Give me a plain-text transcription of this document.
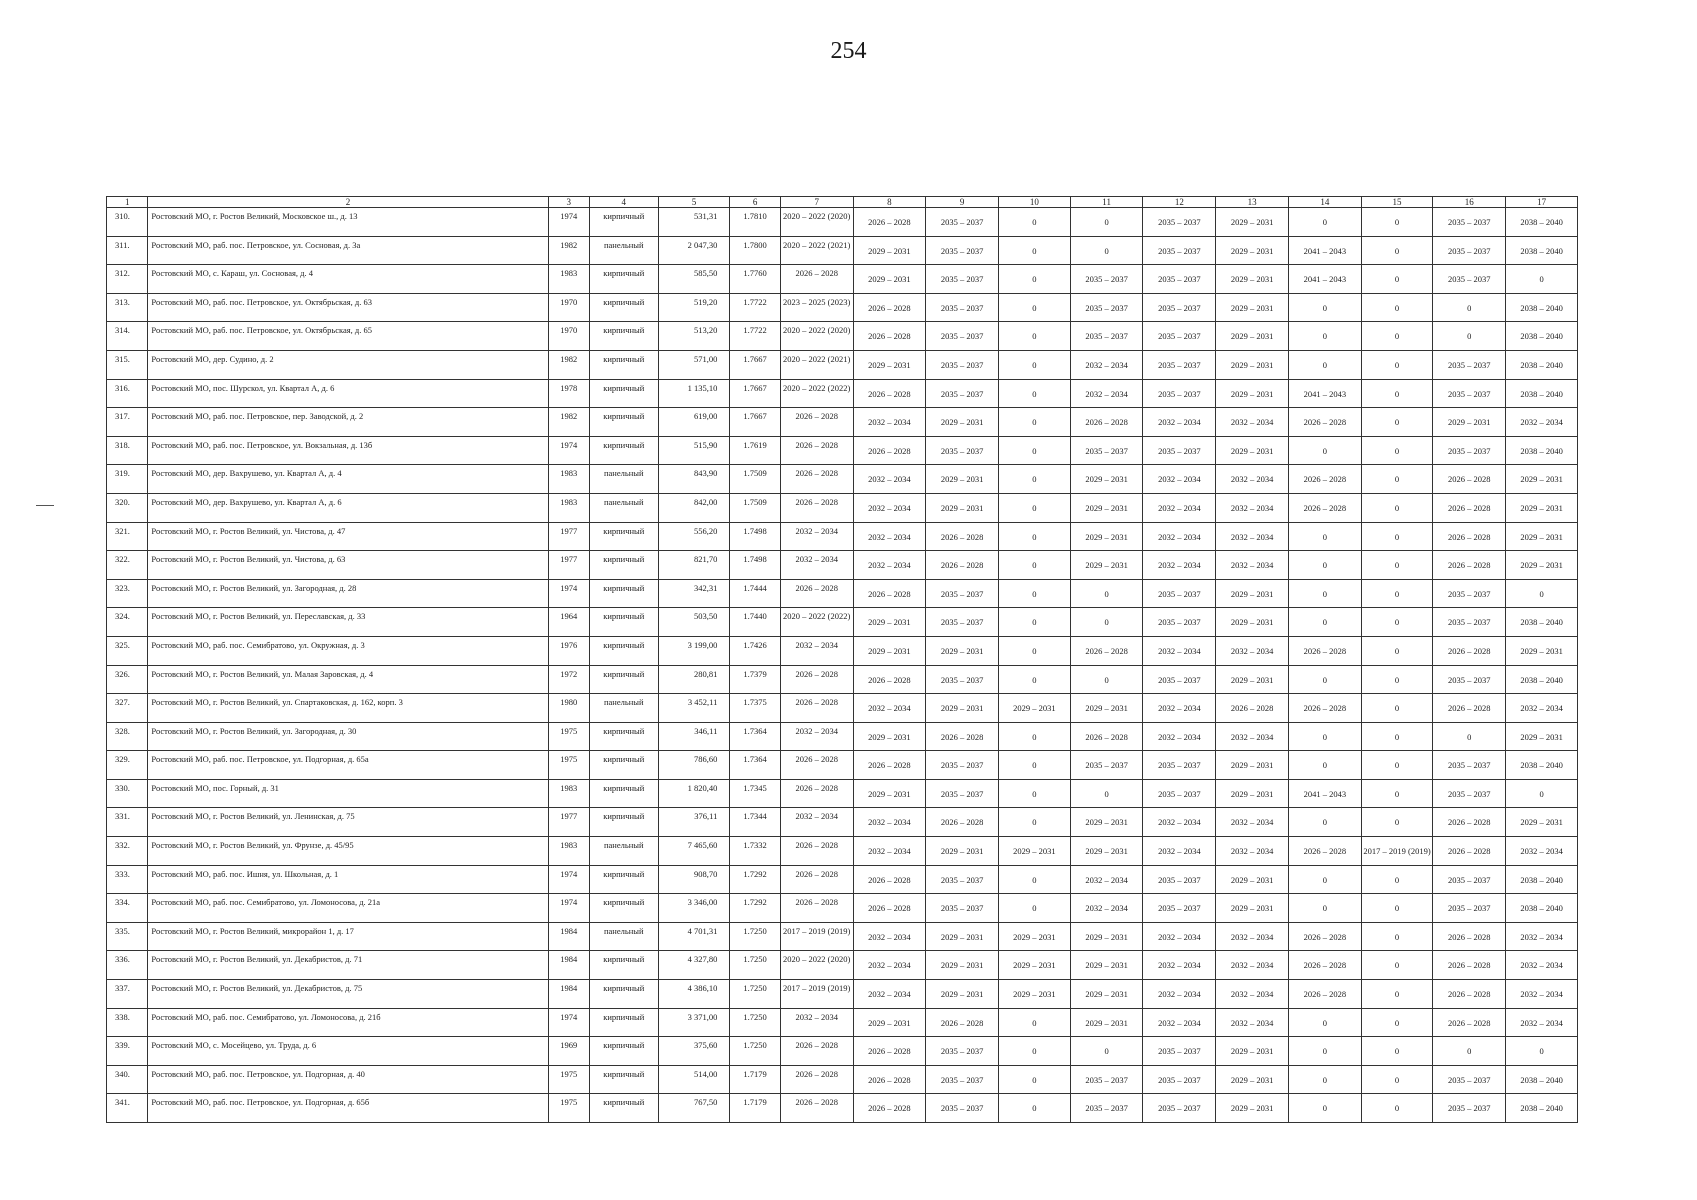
254
1	2	3	4	5	6	7	8	9	10	11	12	13	14	15	16	17
310.	Ростовский МО, г. Ростов Великий, Московское ш., д. 13	1974	кирпичный	531,31	1.7810	2020 – 2022 (2020)	2026 – 2028	2035 – 2037	0	0	2035 – 2037	2029 – 2031	0	0	2035 – 2037	2038 – 2040
311.	Ростовский МО, раб. пос. Петровское, ул. Сосновая, д. 3а	1982	панельный	2 047,30	1.7800	2020 – 2022 (2021)	2029 – 2031	2035 – 2037	0	0	2035 – 2037	2029 – 2031	2041 – 2043	0	2035 – 2037	2038 – 2040
312.	Ростовский МО, с. Караш, ул. Сосновая, д. 4	1983	кирпичный	585,50	1.7760	2026 – 2028	2029 – 2031	2035 – 2037	0	2035 – 2037	2035 – 2037	2029 – 2031	2041 – 2043	0	2035 – 2037	0
313.	Ростовский МО, раб. пос. Петровское, ул. Октябрьская, д. 63	1970	кирпичный	519,20	1.7722	2023 – 2025 (2023)	2026 – 2028	2035 – 2037	0	2035 – 2037	2035 – 2037	2029 – 2031	0	0	0	2038 – 2040
314.	Ростовский МО, раб. пос. Петровское, ул. Октябрьская, д. 65	1970	кирпичный	513,20	1.7722	2020 – 2022 (2020)	2026 – 2028	2035 – 2037	0	2035 – 2037	2035 – 2037	2029 – 2031	0	0	0	2038 – 2040
315.	Ростовский МО, дер. Судино, д. 2	1982	кирпичный	571,00	1.7667	2020 – 2022 (2021)	2029 – 2031	2035 – 2037	0	2032 – 2034	2035 – 2037	2029 – 2031	0	0	2035 – 2037	2038 – 2040
316.	Ростовский МО, пос. Шурскол, ул. Квартал А, д. 6	1978	кирпичный	1 135,10	1.7667	2020 – 2022 (2022)	2026 – 2028	2035 – 2037	0	2032 – 2034	2035 – 2037	2029 – 2031	2041 – 2043	0	2035 – 2037	2038 – 2040
317.	Ростовский МО, раб. пос. Петровское, пер. Заводской, д. 2	1982	кирпичный	619,00	1.7667	2026 – 2028	2032 – 2034	2029 – 2031	0	2026 – 2028	2032 – 2034	2032 – 2034	2026 – 2028	0	2029 – 2031	2032 – 2034
318.	Ростовский МО, раб. пос. Петровское, ул. Вокзальная, д. 13б	1974	кирпичный	515,90	1.7619	2026 – 2028	2026 – 2028	2035 – 2037	0	2035 – 2037	2035 – 2037	2029 – 2031	0	0	2035 – 2037	2038 – 2040
319.	Ростовский МО, дер. Вахрушево, ул. Квартал А, д. 4	1983	панельный	843,90	1.7509	2026 – 2028	2032 – 2034	2029 – 2031	0	2029 – 2031	2032 – 2034	2032 – 2034	2026 – 2028	0	2026 – 2028	2029 – 2031
320.	Ростовский МО, дер. Вахрушево, ул. Квартал А, д. 6	1983	панельный	842,00	1.7509	2026 – 2028	2032 – 2034	2029 – 2031	0	2029 – 2031	2032 – 2034	2032 – 2034	2026 – 2028	0	2026 – 2028	2029 – 2031
321.	Ростовский МО, г. Ростов Великий, ул. Чистова, д. 47	1977	кирпичный	556,20	1.7498	2032 – 2034	2032 – 2034	2026 – 2028	0	2029 – 2031	2032 – 2034	2032 – 2034	0	0	2026 – 2028	2029 – 2031
322.	Ростовский МО, г. Ростов Великий, ул. Чистова, д. 63	1977	кирпичный	821,70	1.7498	2032 – 2034	2032 – 2034	2026 – 2028	0	2029 – 2031	2032 – 2034	2032 – 2034	0	0	2026 – 2028	2029 – 2031
323.	Ростовский МО, г. Ростов Великий, ул. Загородная, д. 28	1974	кирпичный	342,31	1.7444	2026 – 2028	2026 – 2028	2035 – 2037	0	0	2035 – 2037	2029 – 2031	0	0	2035 – 2037	0
324.	Ростовский МО, г. Ростов Великий, ул. Переславская, д. 33	1964	кирпичный	503,50	1.7440	2020 – 2022 (2022)	2029 – 2031	2035 – 2037	0	0	2035 – 2037	2029 – 2031	0	0	2035 – 2037	2038 – 2040
325.	Ростовский МО, раб. пос. Семибратово, ул. Окружная, д. 3	1976	кирпичный	3 199,00	1.7426	2032 – 2034	2029 – 2031	2029 – 2031	0	2026 – 2028	2032 – 2034	2032 – 2034	2026 – 2028	0	2026 – 2028	2029 – 2031
326.	Ростовский МО, г. Ростов Великий, ул. Малая Заровская, д. 4	1972	кирпичный	280,81	1.7379	2026 – 2028	2026 – 2028	2035 – 2037	0	0	2035 – 2037	2029 – 2031	0	0	2035 – 2037	2038 – 2040
327.	Ростовский МО, г. Ростов Великий, ул. Спартаковская, д. 162, корп. 3	1980	панельный	3 452,11	1.7375	2026 – 2028	2032 – 2034	2029 – 2031	2029 – 2031	2029 – 2031	2032 – 2034	2026 – 2028	2026 – 2028	0	2026 – 2028	2032 – 2034
328.	Ростовский МО, г. Ростов Великий, ул. Загородная, д. 30	1975	кирпичный	346,11	1.7364	2032 – 2034	2029 – 2031	2026 – 2028	0	2026 – 2028	2032 – 2034	2032 – 2034	0	0	0	2029 – 2031
329.	Ростовский МО, раб. пос. Петровское, ул. Подгорная, д. 65а	1975	кирпичный	786,60	1.7364	2026 – 2028	2026 – 2028	2035 – 2037	0	2035 – 2037	2035 – 2037	2029 – 2031	0	0	2035 – 2037	2038 – 2040
330.	Ростовский МО, пос. Горный, д. 31	1983	кирпичный	1 820,40	1.7345	2026 – 2028	2029 – 2031	2035 – 2037	0	0	2035 – 2037	2029 – 2031	2041 – 2043	0	2035 – 2037	0
331.	Ростовский МО, г. Ростов Великий, ул. Ленинская, д. 75	1977	кирпичный	376,11	1.7344	2032 – 2034	2032 – 2034	2026 – 2028	0	2029 – 2031	2032 – 2034	2032 – 2034	0	0	2026 – 2028	2029 – 2031
332.	Ростовский МО, г. Ростов Великий, ул. Фрунзе, д. 45/95	1983	панельный	7 465,60	1.7332	2026 – 2028	2032 – 2034	2029 – 2031	2029 – 2031	2029 – 2031	2032 – 2034	2032 – 2034	2026 – 2028	2017 – 2019 (2019)	2026 – 2028	2032 – 2034
333.	Ростовский МО, раб. пос. Ишня, ул. Школьная, д. 1	1974	кирпичный	908,70	1.7292	2026 – 2028	2026 – 2028	2035 – 2037	0	2032 – 2034	2035 – 2037	2029 – 2031	0	0	2035 – 2037	2038 – 2040
334.	Ростовский МО, раб. пос. Семибратово, ул. Ломоносова, д. 21а	1974	кирпичный	3 346,00	1.7292	2026 – 2028	2026 – 2028	2035 – 2037	0	2032 – 2034	2035 – 2037	2029 – 2031	0	0	2035 – 2037	2038 – 2040
335.	Ростовский МО, г. Ростов Великий, микрорайон 1, д. 17	1984	панельный	4 701,31	1.7250	2017 – 2019 (2019)	2032 – 2034	2029 – 2031	2029 – 2031	2029 – 2031	2032 – 2034	2032 – 2034	2026 – 2028	0	2026 – 2028	2032 – 2034
336.	Ростовский МО, г. Ростов Великий, ул. Декабристов, д. 71	1984	кирпичный	4 327,80	1.7250	2020 – 2022 (2020)	2032 – 2034	2029 – 2031	2029 – 2031	2029 – 2031	2032 – 2034	2032 – 2034	2026 – 2028	0	2026 – 2028	2032 – 2034
337.	Ростовский МО, г. Ростов Великий, ул. Декабристов, д. 75	1984	кирпичный	4 386,10	1.7250	2017 – 2019 (2019)	2032 – 2034	2029 – 2031	2029 – 2031	2029 – 2031	2032 – 2034	2032 – 2034	2026 – 2028	0	2026 – 2028	2032 – 2034
338.	Ростовский МО, раб. пос. Семибратово, ул. Ломоносова, д. 21б	1974	кирпичный	3 371,00	1.7250	2032 – 2034	2029 – 2031	2026 – 2028	0	2029 – 2031	2032 – 2034	2032 – 2034	0	0	2026 – 2028	2032 – 2034
339.	Ростовский МО, с. Мосейцево, ул. Труда, д. 6	1969	кирпичный	375,60	1.7250	2026 – 2028	2026 – 2028	2035 – 2037	0	0	2035 – 2037	2029 – 2031	0	0	0	0
340.	Ростовский МО, раб. пос. Петровское, ул. Подгорная, д. 40	1975	кирпичный	514,00	1.7179	2026 – 2028	2026 – 2028	2035 – 2037	0	2035 – 2037	2035 – 2037	2029 – 2031	0	0	2035 – 2037	2038 – 2040
341.	Ростовский МО, раб. пос. Петровское, ул. Подгорная, д. 65б	1975	кирпичный	767,50	1.7179	2026 – 2028	2026 – 2028	2035 – 2037	0	2035 – 2037	2035 – 2037	2029 – 2031	0	0	2035 – 2037	2038 – 2040
